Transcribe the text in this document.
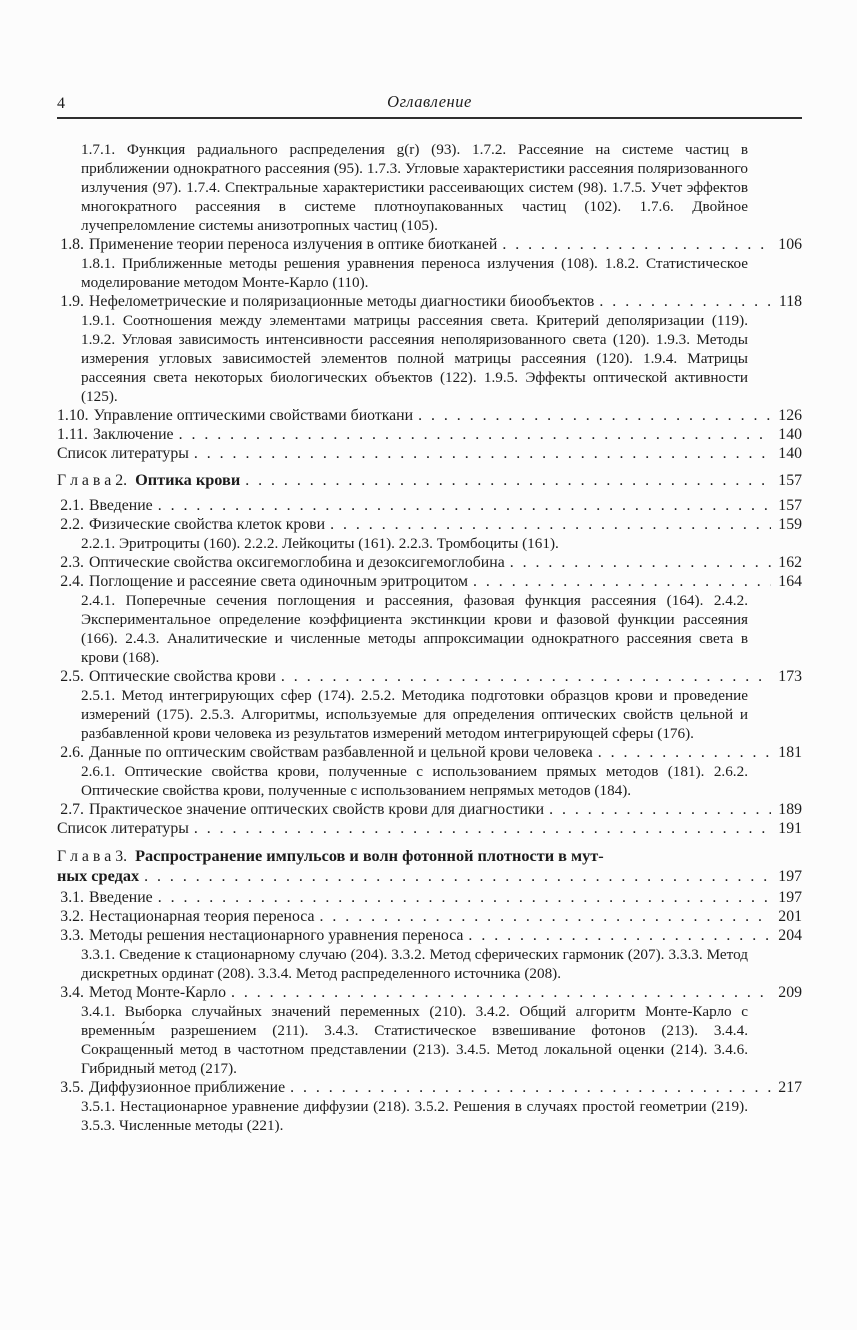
4	Оглавление
1.7.1. Функция радиального распределения g(r) (93). 1.7.2. Рассеяние на системе частиц в приближении однократного рассеяния (95). 1.7.3. Угловые характеристики рассеяния поляризованного излучения (97). 1.7.4. Спектральные характеристики рассеивающих систем (98). 1.7.5. Учет эффектов многократного рассеяния в системе плотноупакованных частиц (102). 1.7.6. Двойное лучепреломление системы анизотропных частиц (105).
1.8. Применение теории переноса излучения в оптике биотканей . . .	106
1.8.1. Приближенные методы решения уравнения переноса излучения (108). 1.8.2. Статистическое моделирование методом Монте-Карло (110).
1.9. Нефелометрические и поляризационные методы диагностики биообъектов . . .	118
1.9.1. Соотношения между элементами матрицы рассеяния света. Критерий деполяризации (119). 1.9.2. Угловая зависимость интенсивности рассеяния неполяризованного света (120). 1.9.3. Методы измерения угловых зависимостей элементов полной матрицы рассеяния (120). 1.9.4. Матрицы рассеяния света некоторых биологических объектов (122). 1.9.5. Эффекты оптической активности (125).
1.10. Управление оптическими свойствами биоткани . . .	126
1.11. Заключение . . .	140
Список литературы . . .	140
Г л а в а 2. Оптика крови . . .	157
2.1. Введение . . .	157
2.2. Физические свойства клеток крови . . .	159
2.2.1. Эритроциты (160). 2.2.2. Лейкоциты (161). 2.2.3. Тромбоциты (161).
2.3. Оптические свойства оксигемоглобина и дезоксигемоглобина . . .	162
2.4. Поглощение и рассеяние света одиночным эритроцитом . . .	164
2.4.1. Поперечные сечения поглощения и рассеяния, фазовая функция рассеяния (164). 2.4.2. Экспериментальное определение коэффициента экстинкции крови и фазовой функции рассеяния (166). 2.4.3. Аналитические и численные методы аппроксимации однократного рассеяния света в крови (168).
2.5. Оптические свойства крови . . .	173
2.5.1. Метод интегрирующих сфер (174). 2.5.2. Методика подготовки образцов крови и проведение измерений (175). 2.5.3. Алгоритмы, используемые для определения оптических свойств цельной и разбавленной крови человека из результатов измерений методом интегрирующей сферы (176).
2.6. Данные по оптическим свойствам разбавленной и цельной крови человека . . .	181
2.6.1. Оптические свойства крови, полученные с использованием прямых методов (181). 2.6.2. Оптические свойства крови, полученные с использованием непрямых методов (184).
2.7. Практическое значение оптических свойств крови для диагностики . . .	189
Список литературы . . .	191
Г л а в а 3. Распространение импульсов и волн фотонной плотности в мут-
ных средах . . .	197
3.1. Введение . . .	197
3.2. Нестационарная теория переноса . . .	201
3.3. Методы решения нестационарного уравнения переноса . . .	204
3.3.1. Сведение к стационарному случаю (204). 3.3.2. Метод сферических гармоник (207). 3.3.3. Метод дискретных ординат (208). 3.3.4. Метод распределенного источника (208).
3.4. Метод Монте-Карло . . .	209
3.4.1. Выборка случайных значений переменных (210). 3.4.2. Общий алгоритм Монте-Карло с временны́м разрешением (211). 3.4.3. Статистическое взвешивание фотонов (213). 3.4.4. Сокращенный метод в частотном представлении (213). 3.4.5. Метод локальной оценки (214). 3.4.6. Гибридный метод (217).
3.5. Диффузионное приближение . . .	217
3.5.1. Нестационарное уравнение диффузии (218). 3.5.2. Решения в случаях простой геометрии (219). 3.5.3. Численные методы (221).
